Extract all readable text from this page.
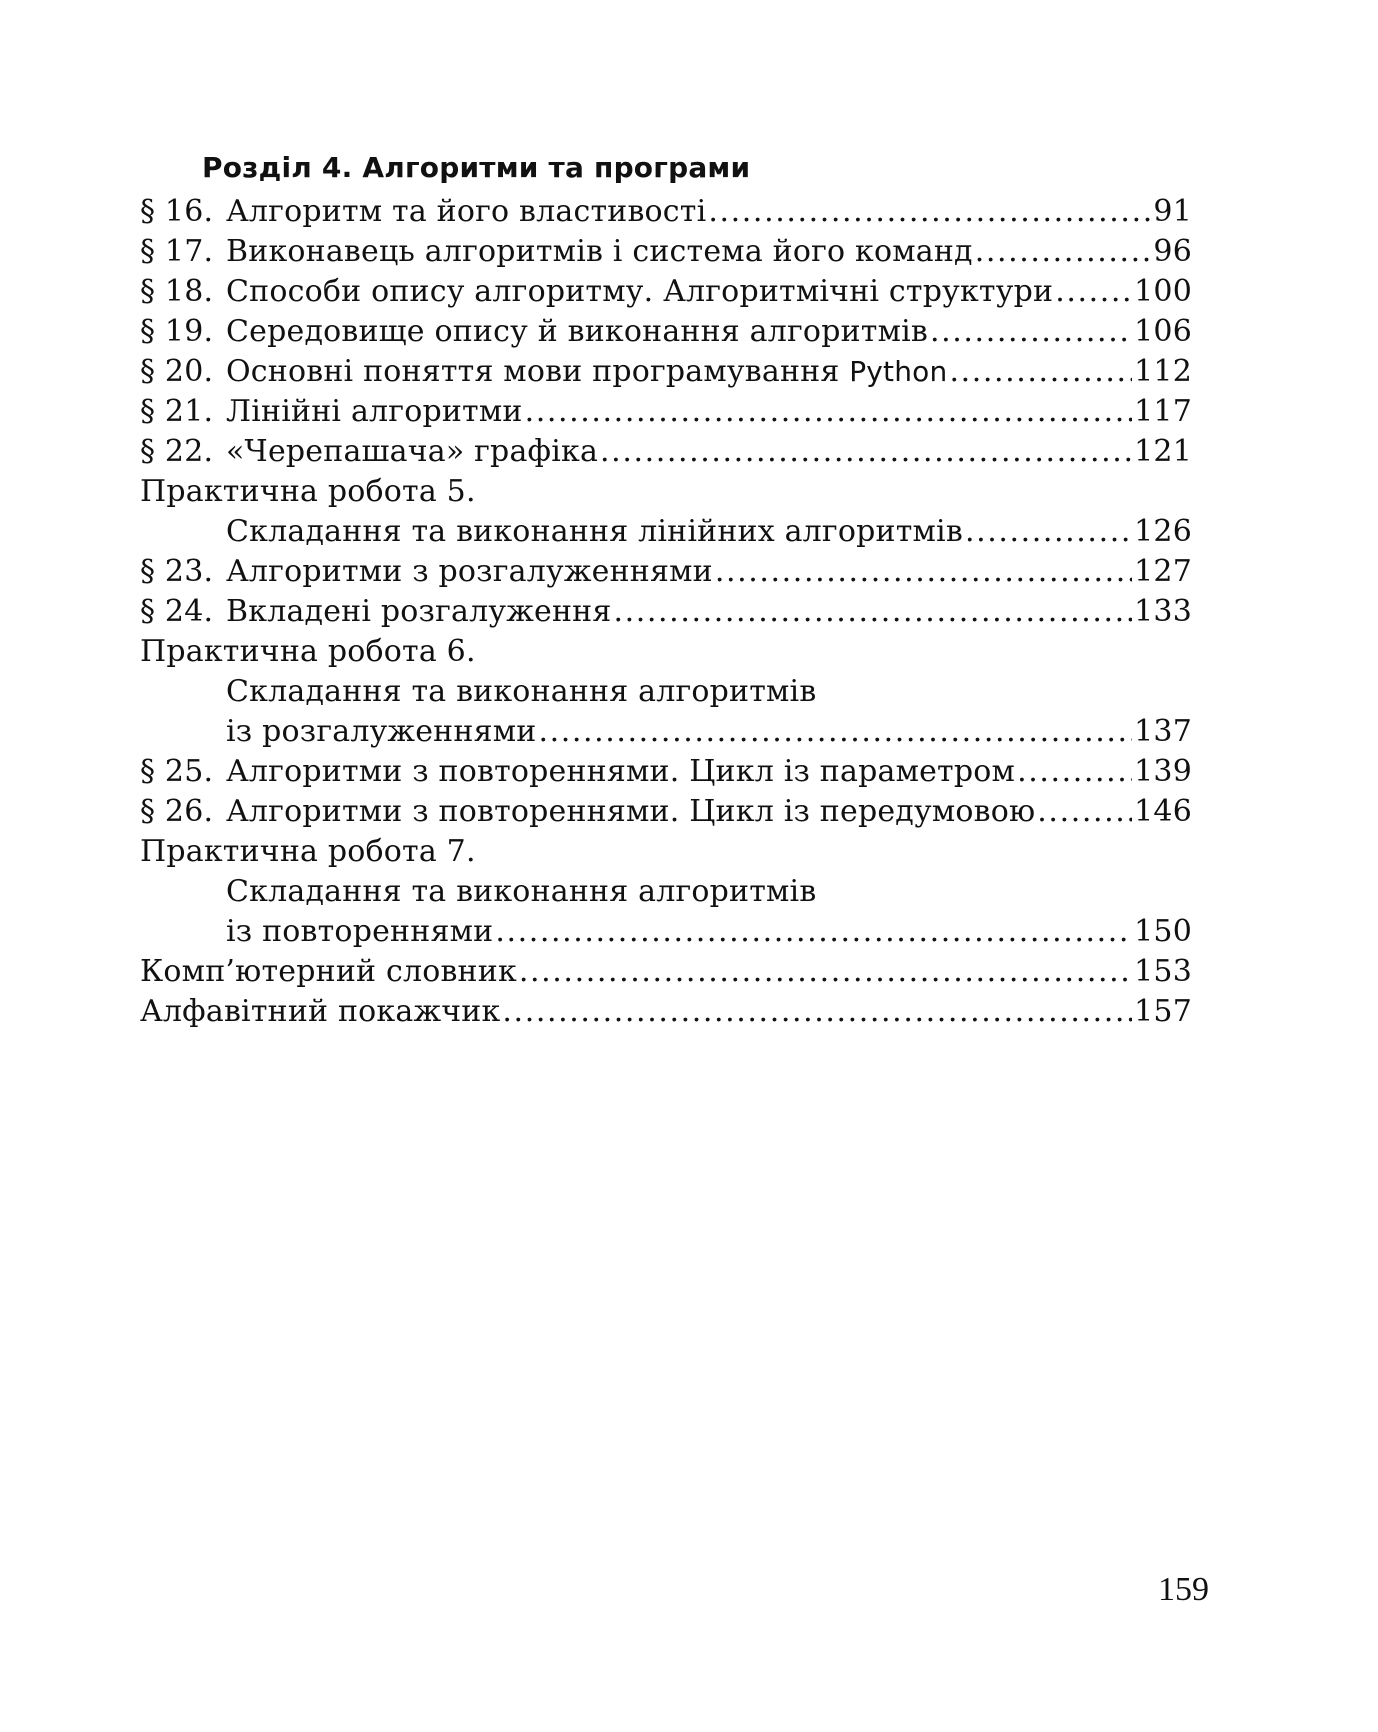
Розділ 4. Алгоритми та програми
§ 16. Алгоритм та його властивості .....	91
§ 17. Виконавець алгоритмів і система його команд .....	96
§ 18. Способи опису алгоритму. Алгоритмічні структури .....	100
§ 19. Середовище опису й виконання алгоритмів .....	106
§ 20. Основні поняття мови програмування Python .....	112
§ 21. Лінійні алгоритми .....	117
§ 22. «Черепашача» графіка .....	121
Практична робота 5.
Складання та виконання лінійних алгоритмів .....	126
§ 23. Алгоритми з розгалуженнями .....	127
§ 24. Вкладені розгалуження .....	133
Практична робота 6.
Складання та виконання алгоритмів
із розгалуженнями .....	137
§ 25. Алгоритми з повтореннями. Цикл із параметром .....	139
§ 26. Алгоритми з повтореннями. Цикл із передумовою .....	146
Практична робота 7.
Складання та виконання алгоритмів
із повтореннями .....	150
Комп’ютерний словник .....	153
Алфавітний покажчик .....	157
159
